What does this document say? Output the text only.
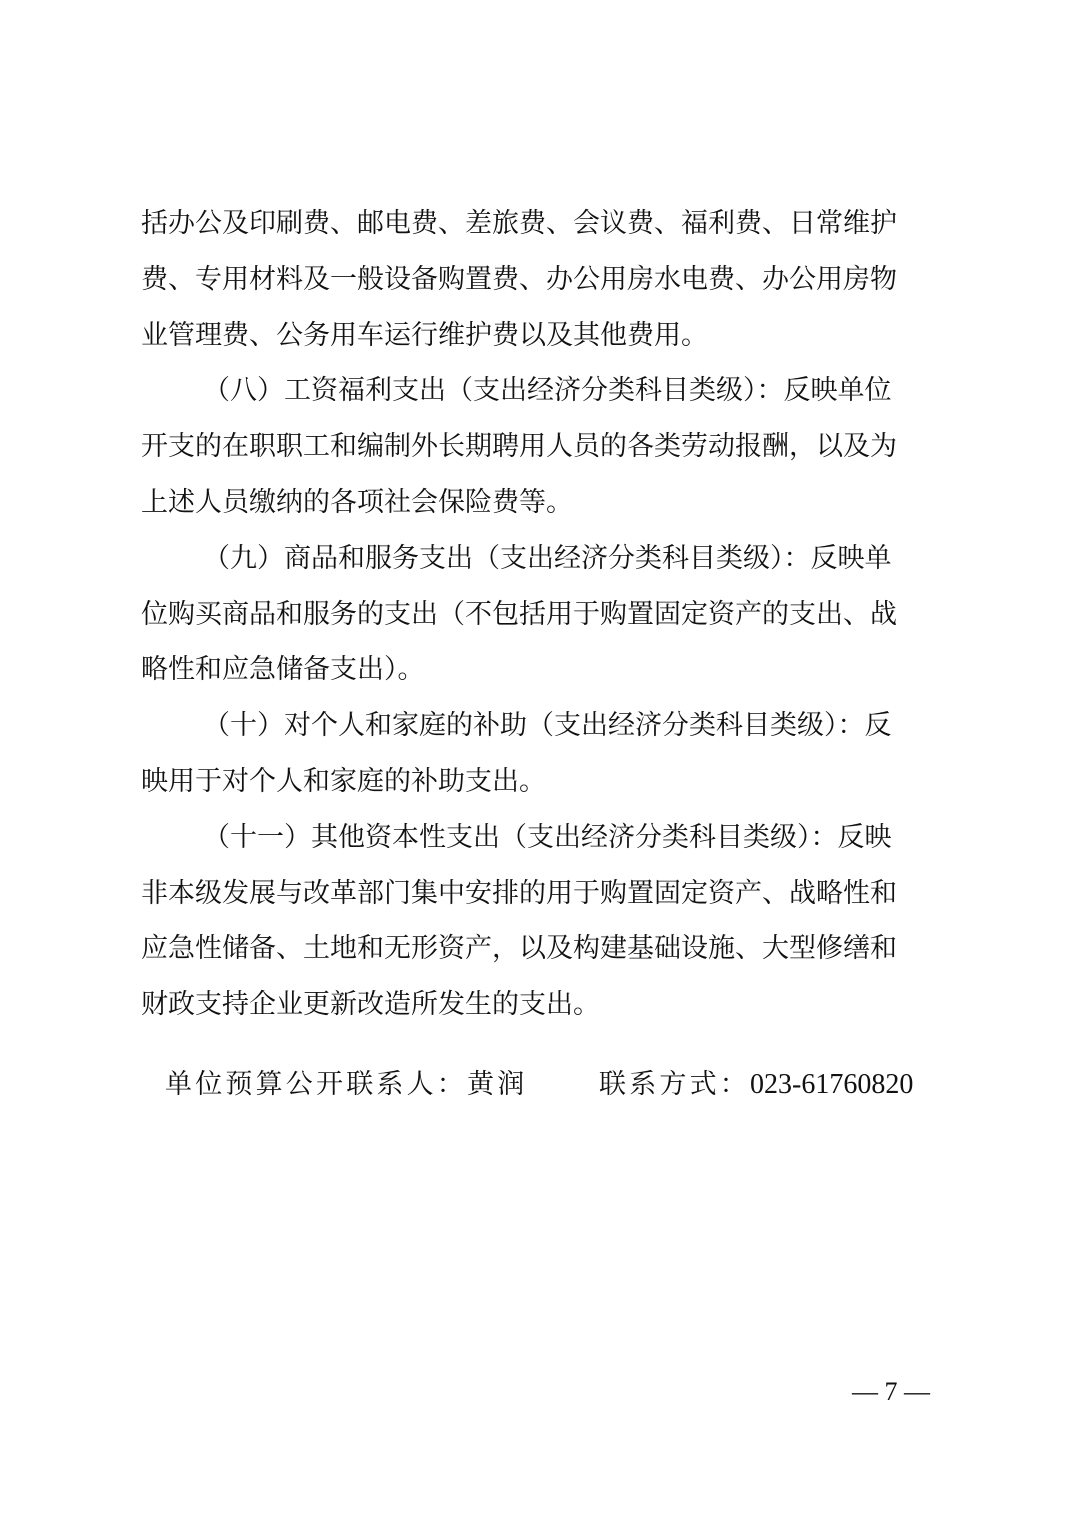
括办公及印刷费、邮电费、差旅费、会议费、福利费、日常维护
费、专用材料及一般设备购置费、办公用房水电费、办公用房物
业管理费、公务用车运行维护费以及其他费用。

（八）工资福利支出（支出经济分类科目类级）：反映单位
开支的在职职工和编制外长期聘用人员的各类劳动报酬，以及为
上述人员缴纳的各项社会保险费等。

（九）商品和服务支出（支出经济分类科目类级）：反映单
位购买商品和服务的支出（不包括用于购置固定资产的支出、战
略性和应急储备支出）。

（十）对个人和家庭的补助（支出经济分类科目类级）：反
映用于对个人和家庭的补助支出。

（十一）其他资本性支出（支出经济分类科目类级）：反映
非本级发展与改革部门集中安排的用于购置固定资产、战略性和
应急性储备、土地和无形资产，以及构建基础设施、大型修缮和
财政支持企业更新改造所发生的支出。

单位预算公开联系人：黄润	联系方式：023-61760820
— 7 —
